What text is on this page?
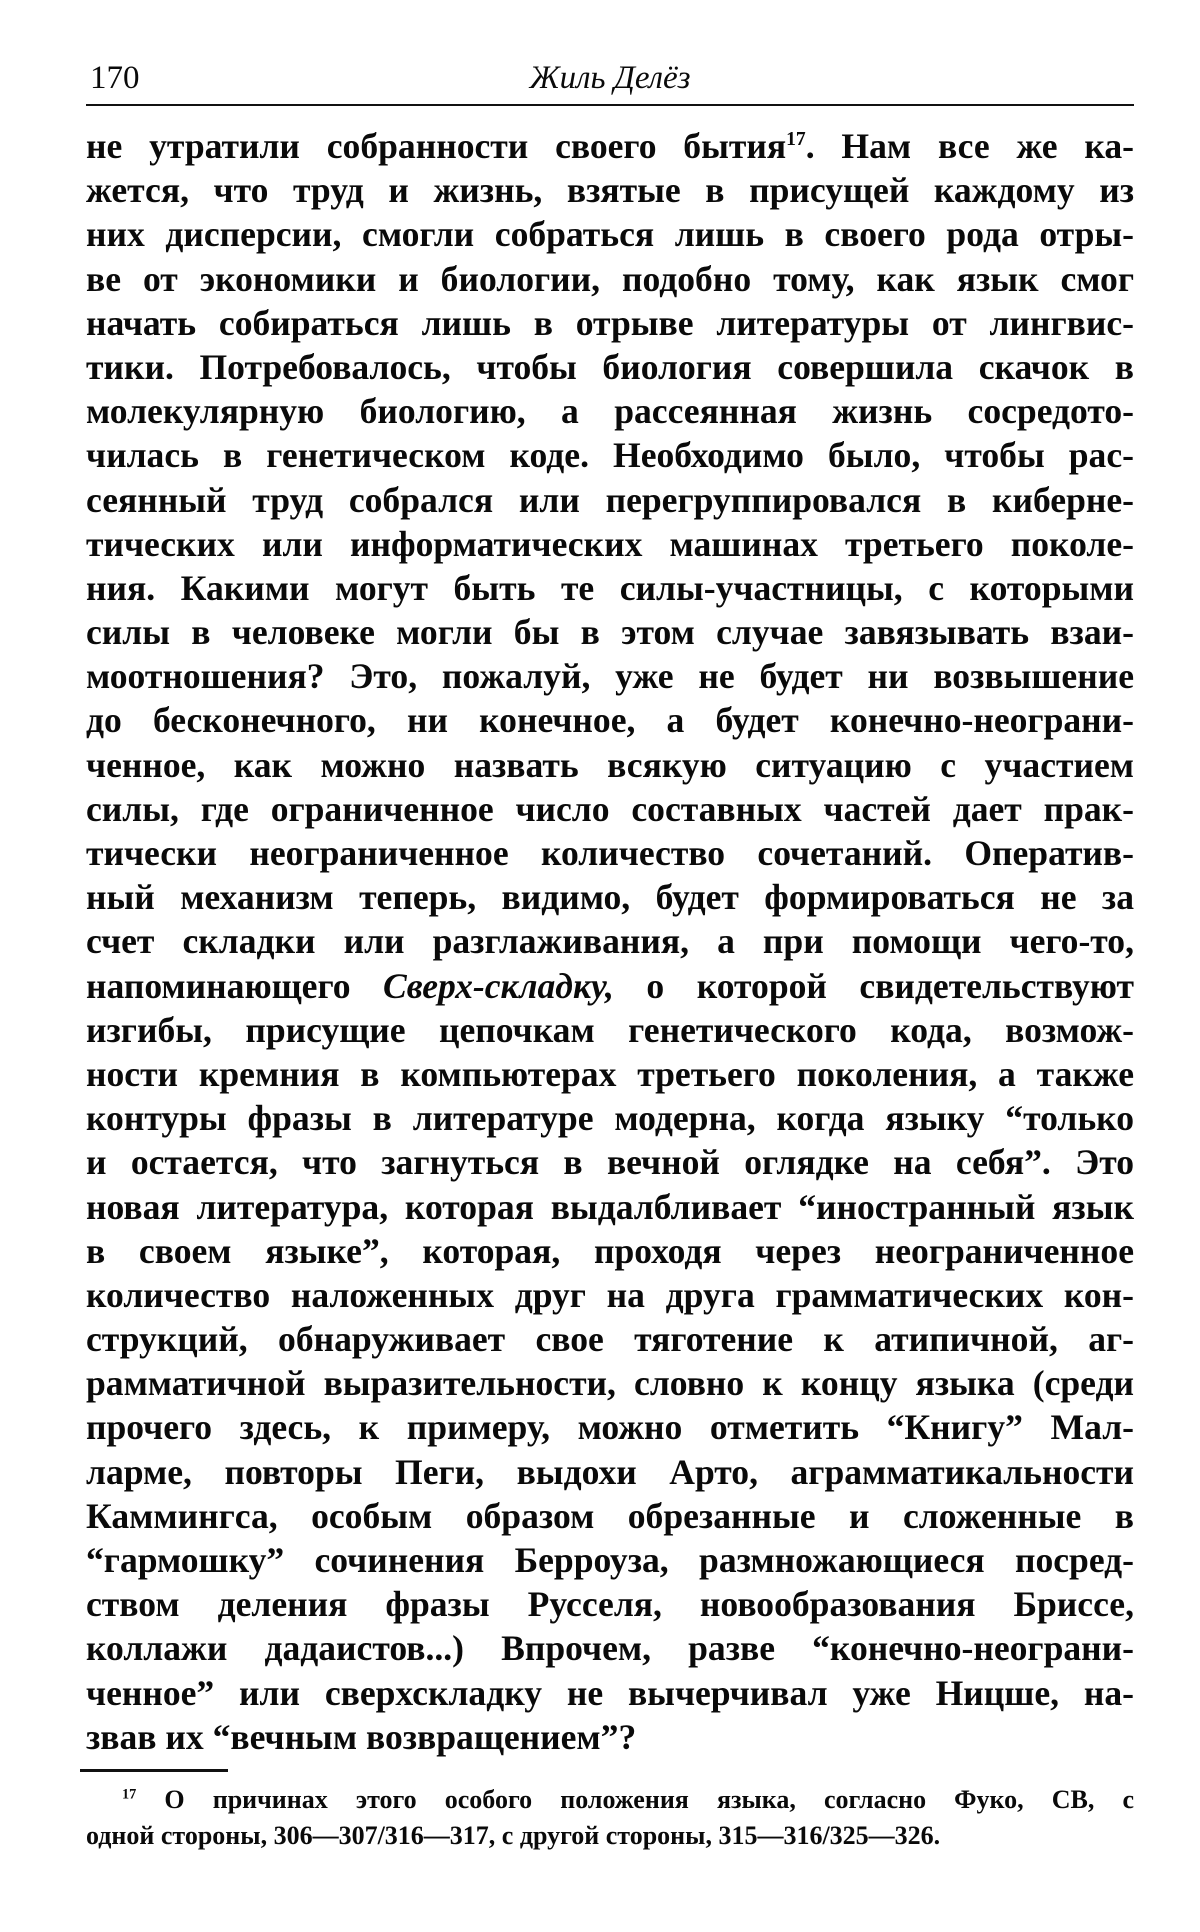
170	Жиль Делёз
не утратили собранности своего бытия$^{17}$. Нам все же ка-
жется, что труд и жизнь, взятые в присущей каждому из
них дисперсии, смогли собраться лишь в своего рода отры-
ве от экономики и биологии, подобно тому, как язык смог
начать собираться лишь в отрыве литературы от лингвис-
тики. Потребовалось, чтобы биология совершила скачок в
молекулярную биологию, а рассеянная жизнь сосредото-
чилась в генетическом коде. Необходимо было, чтобы рас-
сеянный труд собрался или перегруппировался в киберне-
тических или информатических машинах третьего поколе-
ния. Какими могут быть те силы-участницы, с которыми
силы в человеке могли бы в этом случае завязывать взаи-
моотношения? Это, пожалуй, уже не будет ни возвышение
до бесконечного, ни конечное, а будет конечно-неограни-
ченное, как можно назвать всякую ситуацию с участием
силы, где ограниченное число составных частей дает прак-
тически неограниченное количество сочетаний. Оператив-
ный механизм теперь, видимо, будет формироваться не за
счет складки или разглаживания, а при помощи чего-то,
напоминающего Сверх-складку, о которой свидетельствуют
изгибы, присущие цепочкам генетического кода, возмож-
ности кремния в компьютерах третьего поколения, а также
контуры фразы в литературе модерна, когда языку “только
и остается, что загнуться в вечной оглядке на себя”. Это
новая литература, которая выдалбливает “иностранный язык
в своем языке”, которая, проходя через неограниченное
количество наложенных друг на друга грамматических кон-
струкций, обнаруживает свое тяготение к атипичной, аг-
рамматичной выразительности, словно к концу языка (среди
прочего здесь, к примеру, можно отметить “Книгу” Мал-
ларме, повторы Пеги, выдохи Арто, аграмматикальности
Каммингса, особым образом обрезанные и сложенные в
“гармошку” сочинения Берроуза, размножающиеся посред-
ством деления фразы Русселя, новообразования Бриссе,
коллажи дадаистов...) Впрочем, разве “конечно-неограни-
ченное” или сверхскладку не вычерчивал уже Ницше, на-
звав их “вечным возвращением”?
$^{17}$ О причинах этого особого положения языка, согласно Фуко, СВ, с
одной стороны, 306—307/316—317, с другой стороны, 315—316/325—326.
